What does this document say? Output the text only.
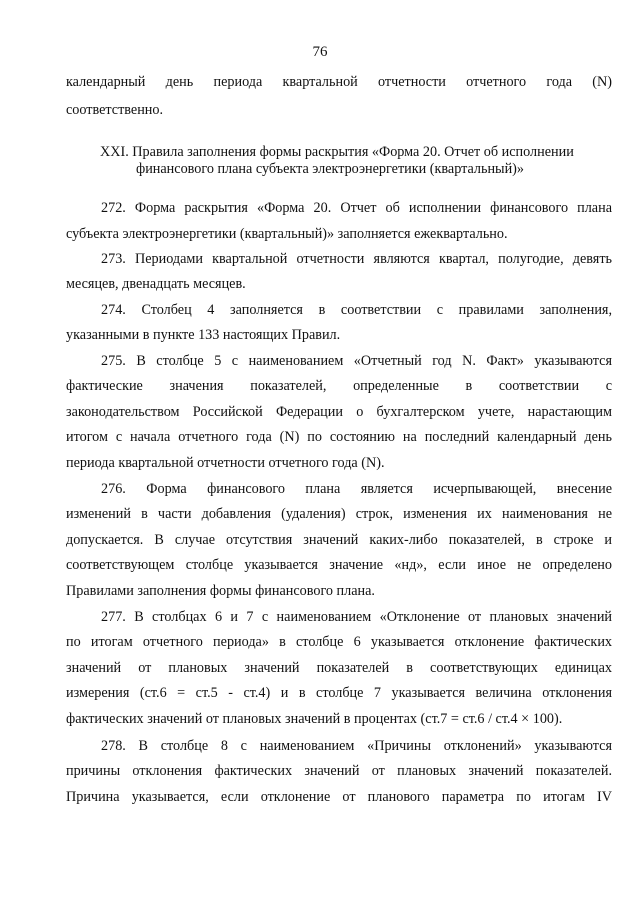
76
календарный день периода квартальной отчетности отчетного года (N)
соответственно.
XXI. Правила заполнения формы раскрытия «Форма 20. Отчет об исполнении
финансового плана субъекта электроэнергетики (квартальный)»
272. Форма раскрытия «Форма 20. Отчет об исполнении финансового плана
субъекта электроэнергетики (квартальный)» заполняется ежеквартально.
273. Периодами квартальной отчетности являются квартал, полугодие, девять
месяцев, двенадцать месяцев.
274. Столбец 4 заполняется в соответствии с правилами заполнения,
указанными в пункте 133 настоящих Правил.
275. В столбце 5 с наименованием «Отчетный год N. Факт» указываются
фактические значения показателей, определенные в соответствии с
законодательством Российской Федерации о бухгалтерском учете, нарастающим
итогом с начала отчетного года (N) по состоянию на последний календарный день
периода квартальной отчетности отчетного года (N).
276. Форма финансового плана является исчерпывающей, внесение
изменений в части добавления (удаления) строк, изменения их наименования не
допускается. В случае отсутствия значений каких-либо показателей, в строке и
соответствующем столбце указывается значение «нд», если иное не определено
Правилами заполнения формы финансового плана.
277. В столбцах 6 и 7 с наименованием «Отклонение от плановых значений
по итогам отчетного периода» в столбце 6 указывается отклонение фактических
значений от плановых значений показателей в соответствующих единицах
измерения (ст.6 = ст.5 - ст.4) и в столбце 7 указывается величина отклонения
фактических значений от плановых значений в процентах (ст.7 = ст.6 / ст.4 × 100).
278. В столбце 8 с наименованием «Причины отклонений» указываются
причины отклонения фактических значений от плановых значений показателей.
Причина указывается, если отклонение от планового параметра по итогам IV
